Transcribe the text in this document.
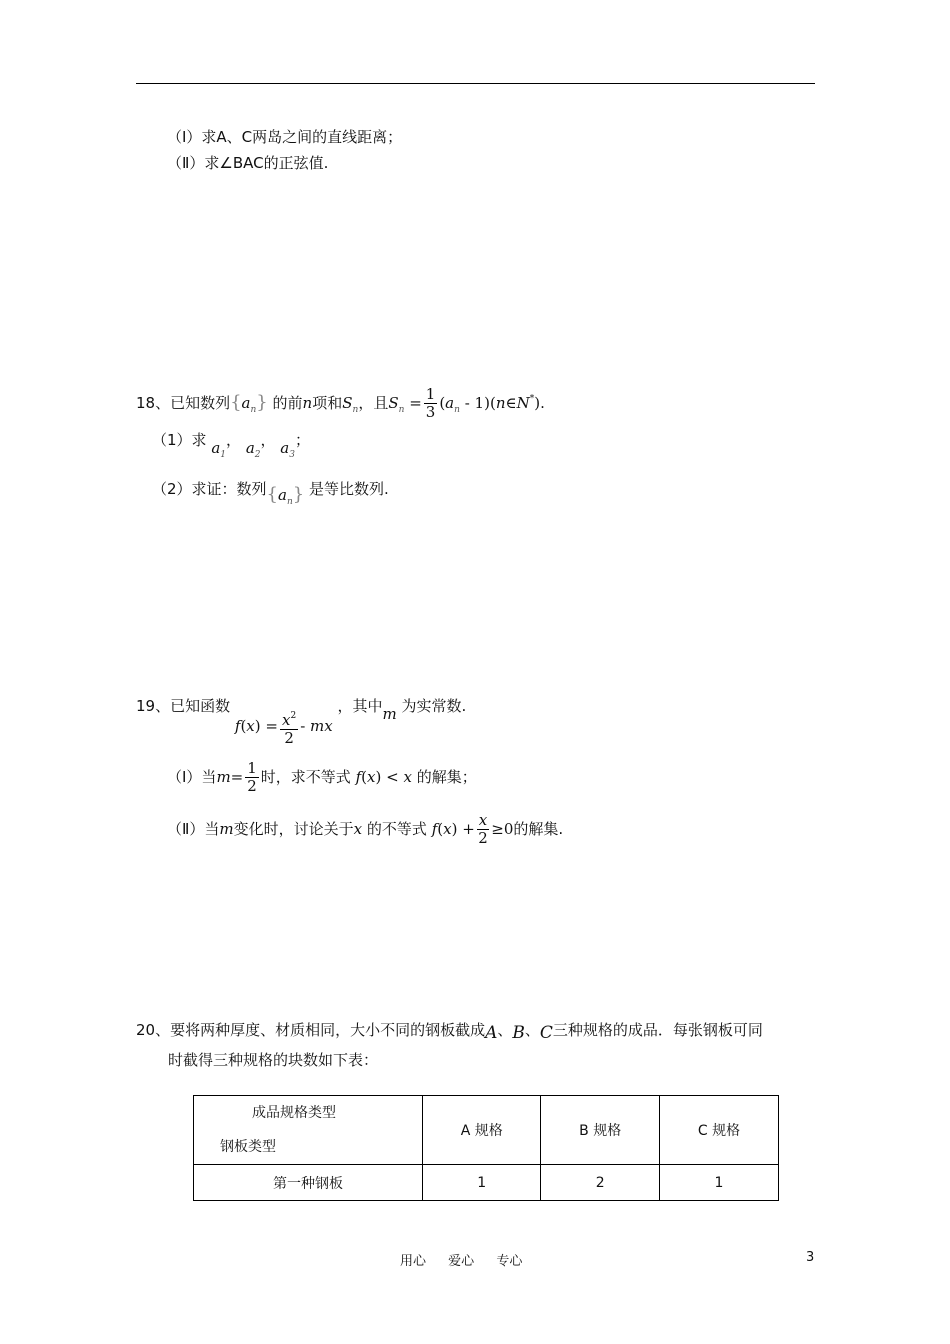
（Ⅰ）求A、C两岛之间的直线距离；
（Ⅱ）求∠BAC的正弦值.
18、已知数列$\{a_n\}$ 的前n项和$S_n$，且$S_n = \frac{1}{3} (a_n$ - 1)(n∈N*).
（1）求 $a_1$， $a_2$， $a_3$；
（2）求证：数列$\{a_n\}$ 是等比数列.
19、已知函数 $f(x) = \frac{x^2}{2}$ - mx ，其中m 为实常数.
（Ⅰ）当$m= \frac{1}{2}$ 时，求不等式 f(x) < x 的解集；
（Ⅱ）当m变化时，讨论关于x 的不等式 $f(x) + \frac{x}{2} \ge 0$的解集.
20、要将两种厚度、材质相同，大小不同的钢板截成A、B、C三种规格的成品．每张钢板可同
时截得三种规格的块数如下表：
成品规格类型
钢板类型	A 规格	B 规格	C 规格
第一种钢板	1	2	1
用心 爱心 专心	3
